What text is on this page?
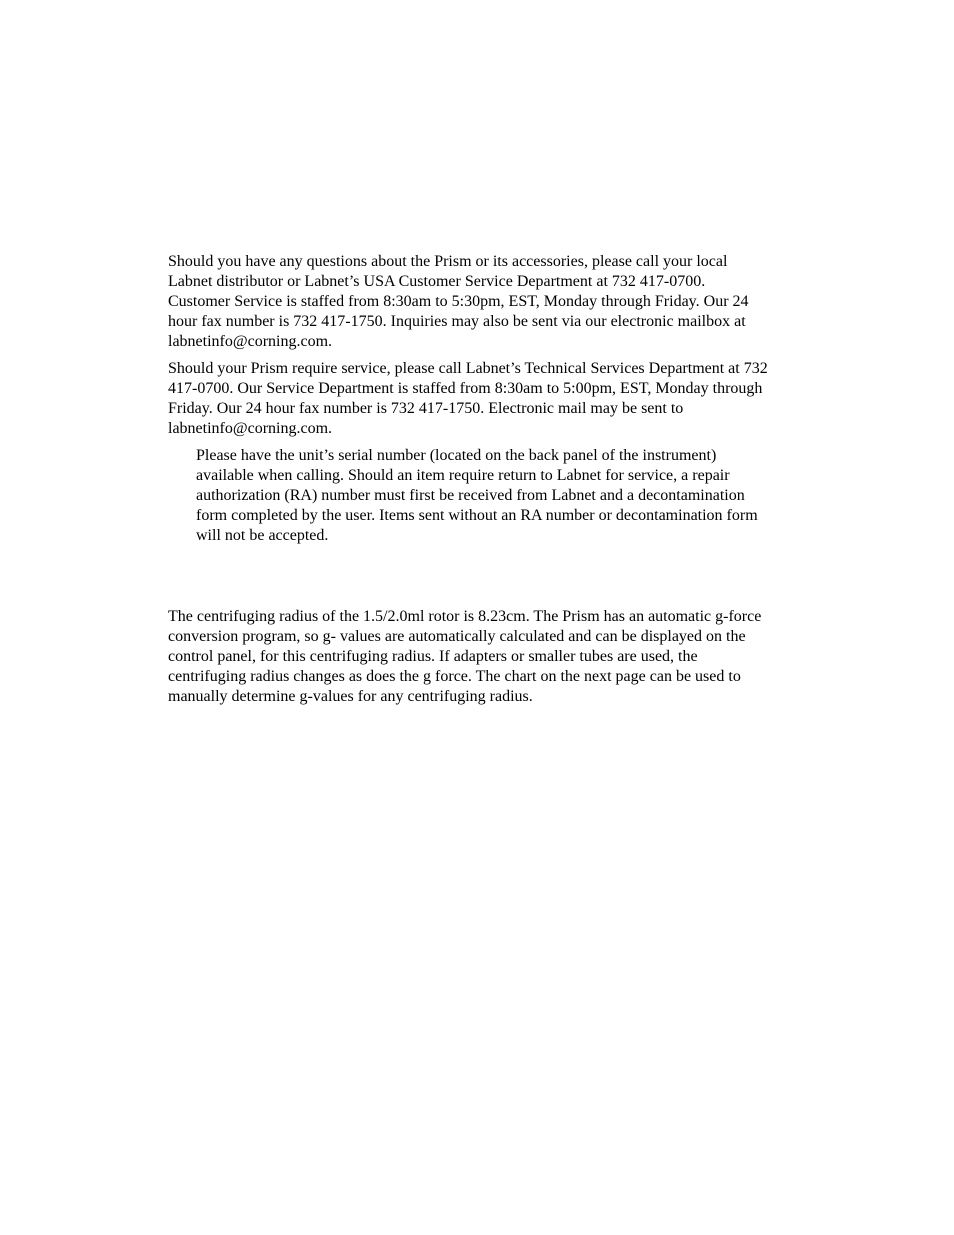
Should you have any questions about the Prism or its accessories, please call your local
Labnet distributor or Labnet’s USA Customer Service Department at 732 417-0700.
Customer Service is staffed from 8:30am to 5:30pm, EST, Monday through Friday. Our 24
hour fax number is 732 417-1750. Inquiries may also be sent via our electronic mailbox at
labnetinfo@corning.com.

Should your Prism require service, please call Labnet’s Technical Services Department at 732
417-0700. Our Service Department is staffed from 8:30am to 5:00pm, EST, Monday through
Friday. Our 24 hour fax number is 732 417-1750. Electronic mail may be sent to
labnetinfo@corning.com.

Please have the unit’s serial number (located on the back panel of the instrument)
available when calling. Should an item require return to Labnet for service, a repair
authorization (RA) number must first be received from Labnet and a decontamination
form completed by the user. Items sent without an RA number or decontamination form
will not be accepted.

The centrifuging radius of the 1.5/2.0ml rotor is 8.23cm. The Prism has an automatic g-force
conversion program, so g- values are automatically calculated and can be displayed on the
control panel, for this centrifuging radius. If adapters or smaller tubes are used, the
centrifuging radius changes as does the g force. The chart on the next page can be used to
manually determine g-values for any centrifuging radius.
